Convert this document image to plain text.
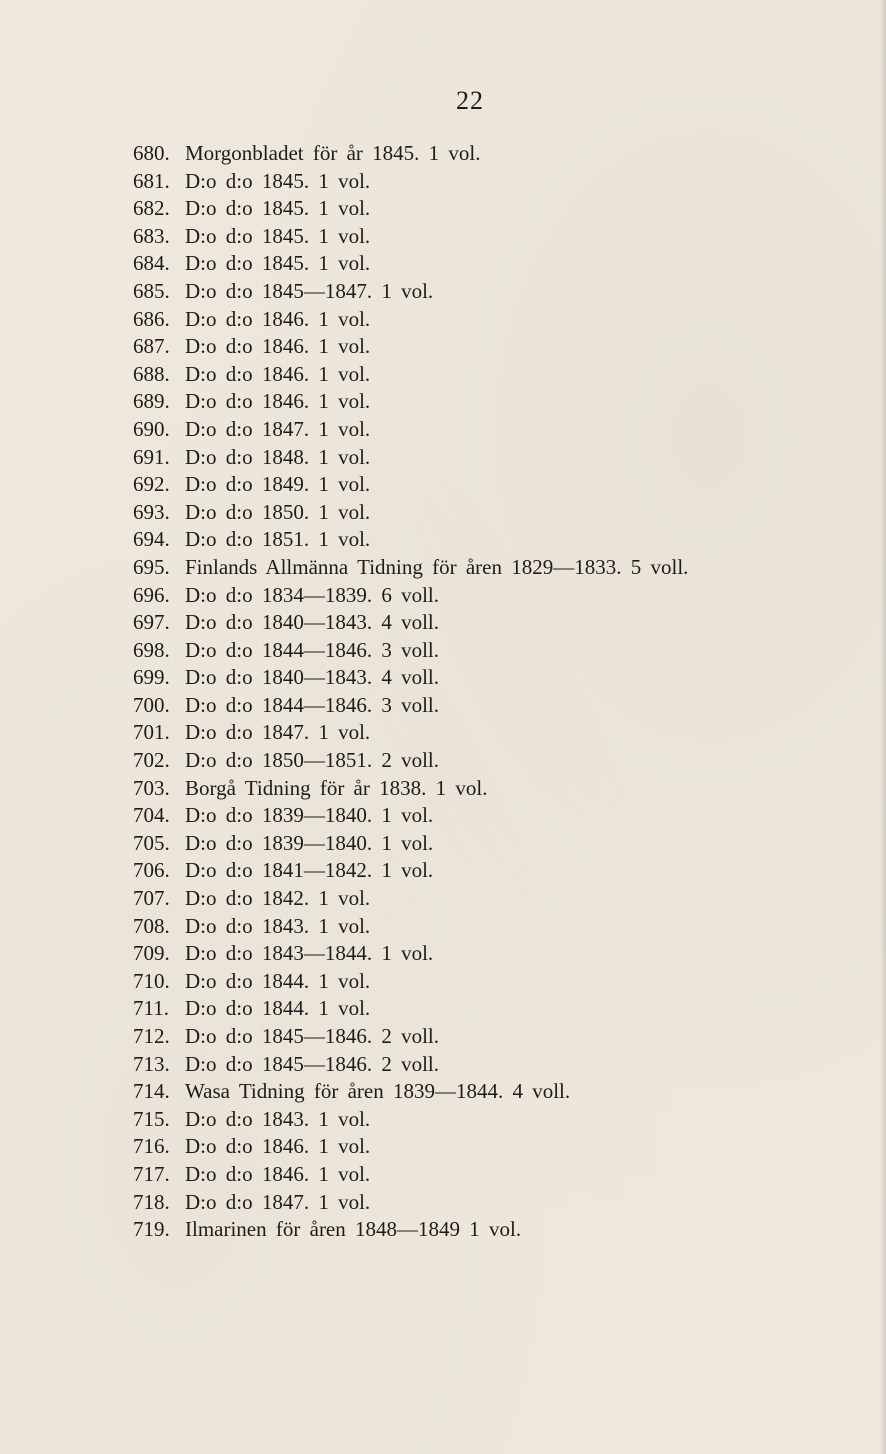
22
680. Morgonbladet för år 1845. 1 vol.
681. D:o d:o 1845. 1 vol.
682. D:o d:o 1845. 1 vol.
683. D:o d:o 1845. 1 vol.
684. D:o d:o 1845. 1 vol.
685. D:o d:o 1845—1847. 1 vol.
686. D:o d:o 1846. 1 vol.
687. D:o d:o 1846. 1 vol.
688. D:o d:o 1846. 1 vol.
689. D:o d:o 1846. 1 vol.
690. D:o d:o 1847. 1 vol.
691. D:o d:o 1848. 1 vol.
692. D:o d:o 1849. 1 vol.
693. D:o d:o 1850. 1 vol.
694. D:o d:o 1851. 1 vol.
695. Finlands Allmänna Tidning för åren 1829—1833. 5 voll.
696. D:o d:o 1834—1839. 6 voll.
697. D:o d:o 1840—1843. 4 voll.
698. D:o d:o 1844—1846. 3 voll.
699. D:o d:o 1840—1843. 4 voll.
700. D:o d:o 1844—1846. 3 voll.
701. D:o d:o 1847. 1 vol.
702. D:o d:o 1850—1851. 2 voll.
703. Borgå Tidning för år 1838. 1 vol.
704. D:o d:o 1839—1840. 1 vol.
705. D:o d:o 1839—1840. 1 vol.
706. D:o d:o 1841—1842. 1 vol.
707. D:o d:o 1842. 1 vol.
708. D:o d:o 1843. 1 vol.
709. D:o d:o 1843—1844. 1 vol.
710. D:o d:o 1844. 1 vol.
711. D:o d:o 1844. 1 vol.
712. D:o d:o 1845—1846. 2 voll.
713. D:o d:o 1845—1846. 2 voll.
714. Wasa Tidning för åren 1839—1844. 4 voll.
715. D:o d:o 1843. 1 vol.
716. D:o d:o 1846. 1 vol.
717. D:o d:o 1846. 1 vol.
718. D:o d:o 1847. 1 vol.
719. Ilmarinen för åren 1848—1849 1 vol.
